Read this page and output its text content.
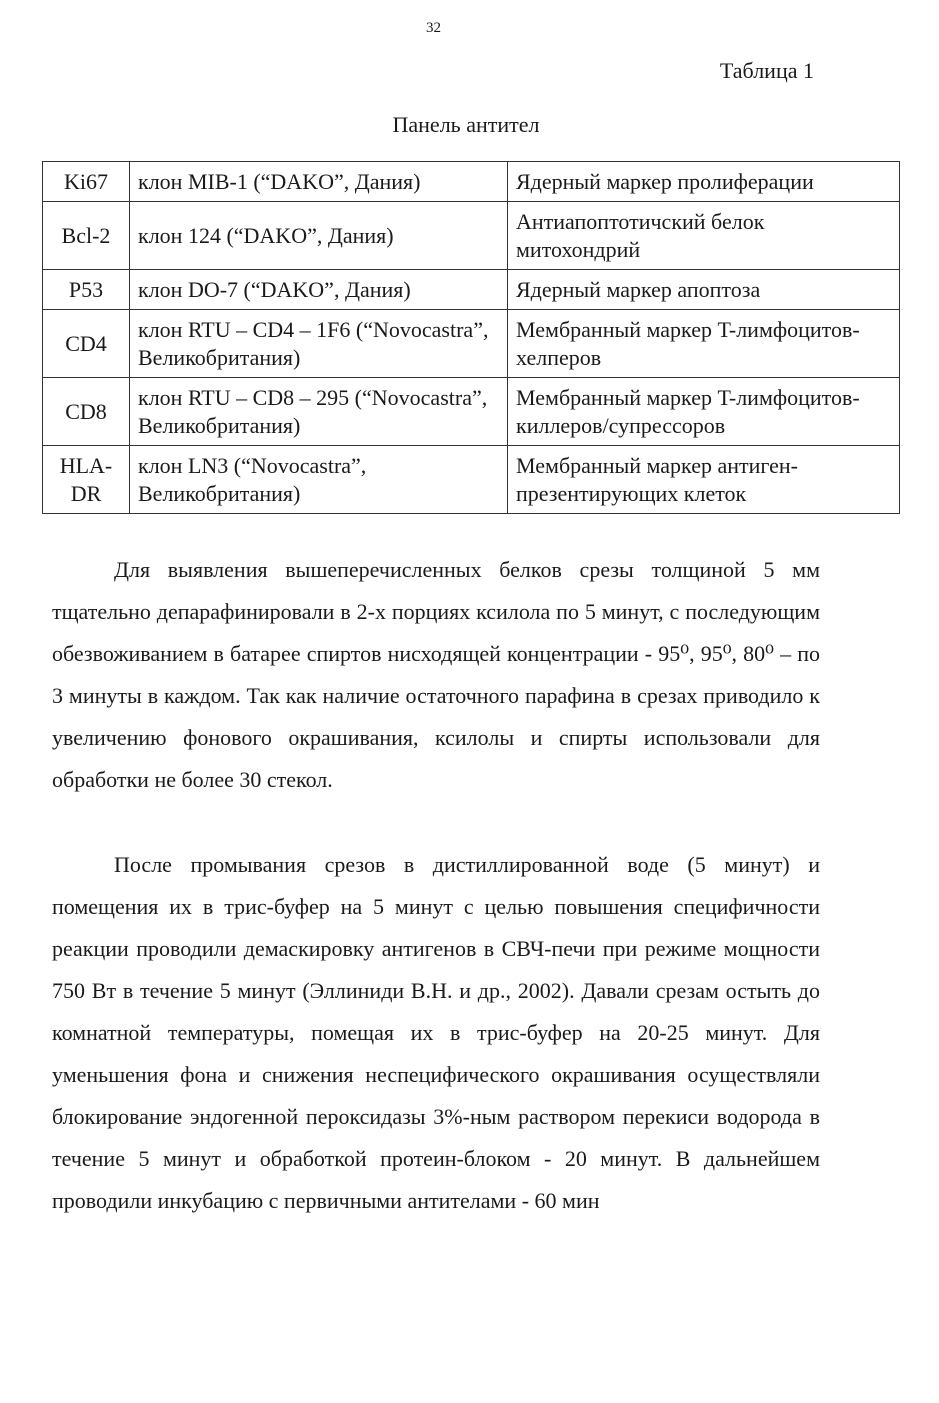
32
Таблица 1
Панель антител
Ki67	клон MIB-1 (“DAKO”, Дания)	Ядерный маркер пролиферации
Bcl-2	клон 124 (“DAKO”, Дания)	Антиапоптотичский белок митохондрий
P53	клон DO-7 (“DAKO”, Дания)	Ядерный маркер апоптоза
CD4	клон RTU – CD4 – 1F6 (“Novocastra”, Великобритания)	Мембранный маркер T-лимфоцитов-хелперов
CD8	клон RTU – CD8 – 295 (“Novocastra”, Великобритания)	Мембранный маркер T-лимфоцитов-киллеров/супрессоров
HLA-DR	клон LN3 (“Novocastra”, Великобритания)	Мембранный маркер антиген-презентирующих клеток

Для выявления вышеперечисленных белков срезы толщиной 5 мм тщательно депарафинировали в 2-х порциях ксилола по 5 минут, с последующим обезвоживанием в батарее спиртов нисходящей концентрации - 95⁰, 95⁰, 80⁰ – по 3 минуты в каждом. Так как наличие остаточного парафина в срезах приводило к увеличению фонового окрашивания, ксилолы и спирты использовали для обработки не более 30 стекол.

После промывания срезов в дистиллированной воде (5 минут) и помещения их в трис-буфер на 5 минут с целью повышения специфичности реакции проводили демаскировку антигенов в СВЧ-печи при режиме мощности 750 Вт в течение 5 минут (Эллиниди В.Н. и др., 2002). Давали срезам остыть до комнатной температуры, помещая их в трис-буфер на 20-25 минут. Для уменьшения фона и снижения неспецифического окрашивания осуществляли блокирование эндогенной пероксидазы 3%-ным раствором перекиси водорода в течение 5 минут и обработкой протеин-блоком - 20 минут. В дальнейшем проводили инкубацию с первичными антителами - 60 мин
